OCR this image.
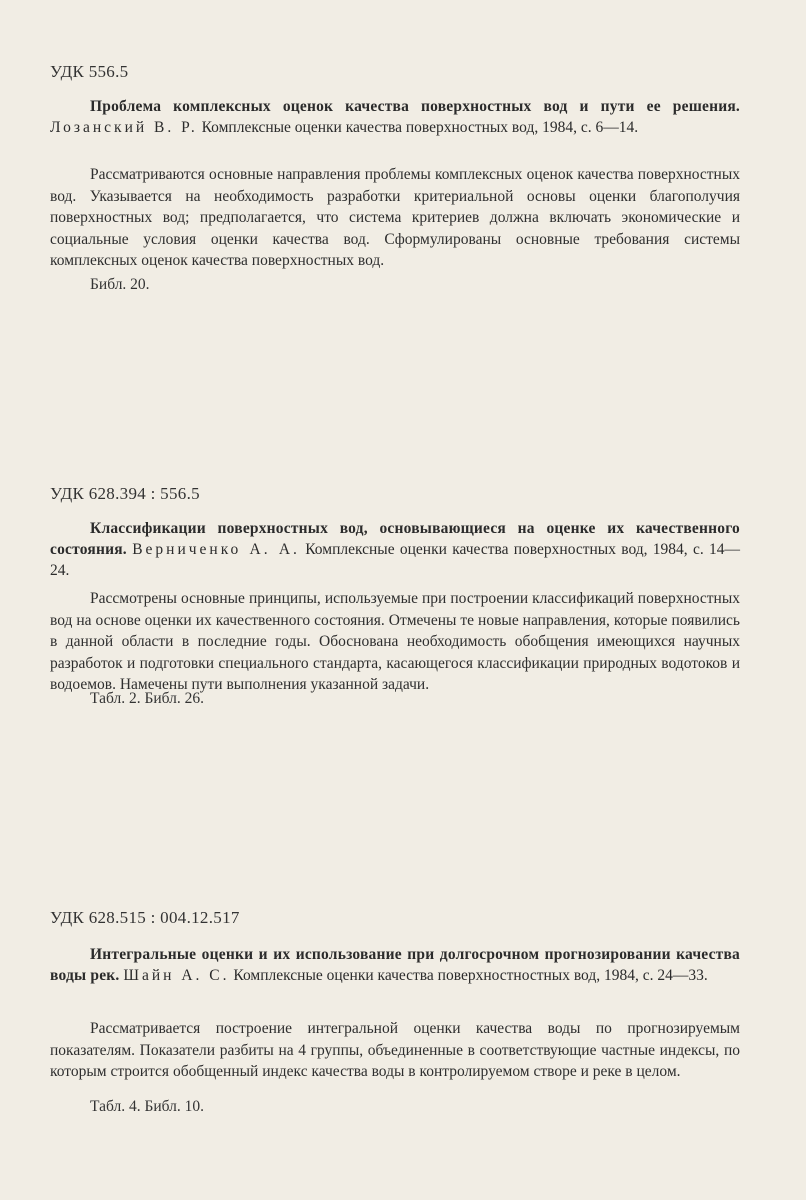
УДК 556.5
Проблема комплексных оценок качества поверхностных вод и пути ее решения. Лозанский В. Р. Комплексные оценки качества поверхностных вод, 1984, с. 6—14.
Рассматриваются основные направления проблемы комплексных оценок качества поверхностных вод. Указывается на необходимость разработки критериальной основы оценки благополучия поверхностных вод; предполагается, что система критериев должна включать экономические и социальные условия оценки качества вод. Сформулированы основные требования системы комплексных оценок качества поверхностных вод.
Библ. 20.
УДК 628.394 : 556.5
Классификации поверхностных вод, основывающиеся на оценке их качественного состояния. Верниченко А. А. Комплексные оценки качества поверхностных вод, 1984, с. 14—24.
Рассмотрены основные принципы, используемые при построении классификаций поверхностных вод на основе оценки их качественного состояния. Отмечены те новые направления, которые появились в данной области в последние годы. Обоснована необходимость обобщения имеющихся научных разработок и подготовки специального стандарта, касающегося классификации природных водотоков и водоемов. Намечены пути выполнения указанной задачи.
Табл. 2. Библ. 26.
УДК 628.515 : 004.12.517
Интегральные оценки и их использование при долгосрочном прогнозировании качества воды рек. Шайн А. С. Комплексные оценки качества поверхностностных вод, 1984, с. 24—33.
Рассматривается построение интегральной оценки качества воды по прогнозируемым показателям. Показатели разбиты на 4 группы, объединенные в соответствующие частные индексы, по которым строится обобщенный индекс качества воды в контролируемом створе и реке в целом.
Табл. 4. Библ. 10.
